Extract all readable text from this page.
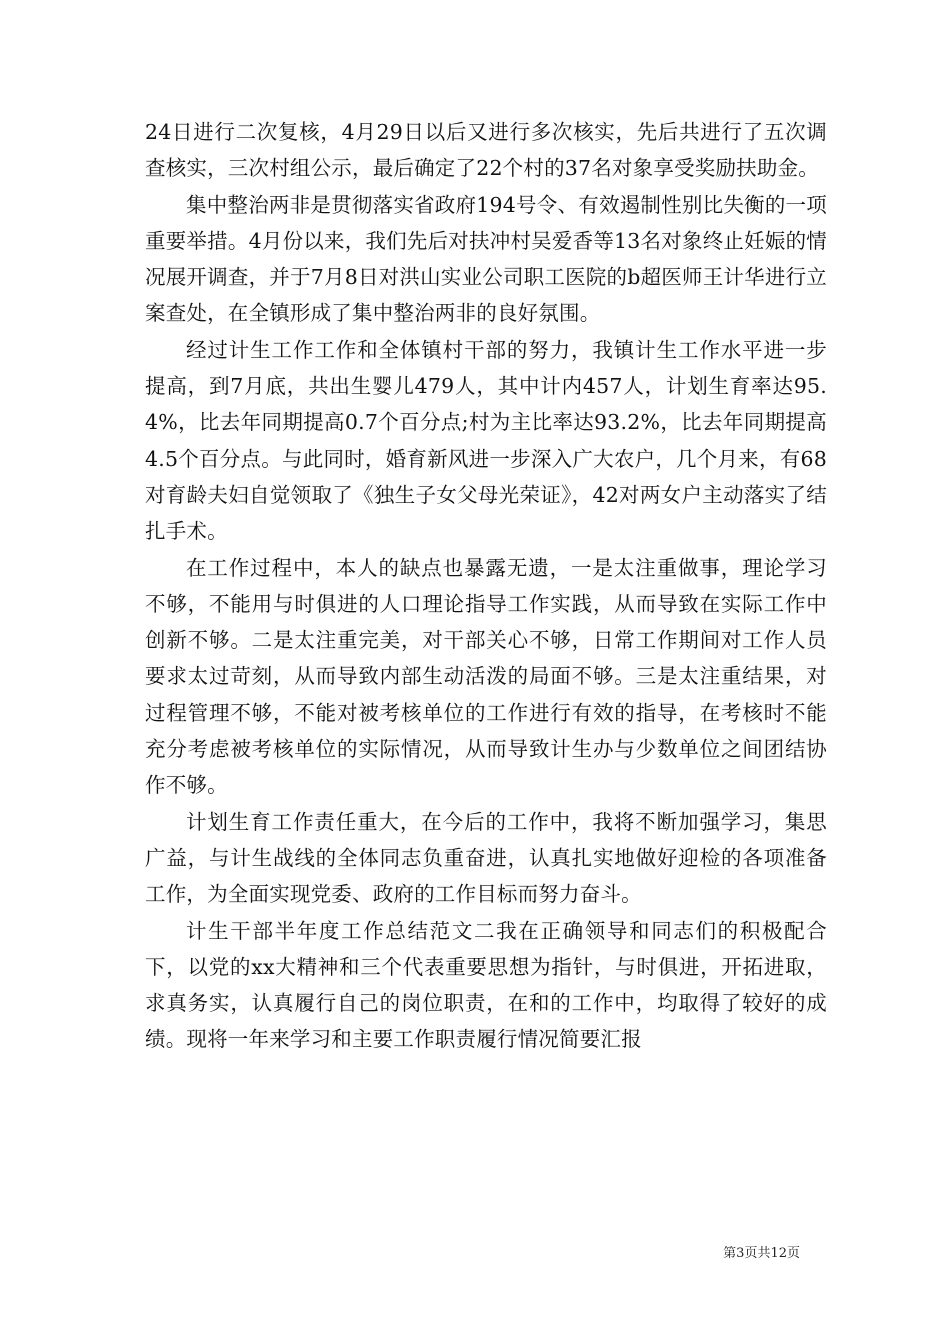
24日进行二次复核，4月29日以后又进行多次核实，先后共进行了五次调查核实，三次村组公示，最后确定了22个村的37名对象享受奖励扶助金。

集中整治两非是贯彻落实省政府194号令、有效遏制性别比失衡的一项重要举措。4月份以来，我们先后对扶冲村吴爱香等13名对象终止妊娠的情况展开调查，并于7月8日对洪山实业公司职工医院的b超医师王计华进行立案查处，在全镇形成了集中整治两非的良好氛围。

经过计生工作工作和全体镇村干部的努力，我镇计生工作水平进一步提高，到7月底，共出生婴儿479人，其中计内457人，计划生育率达95.4%，比去年同期提高0.7个百分点;村为主比率达93.2%，比去年同期提高4.5个百分点。与此同时，婚育新风进一步深入广大农户，几个月来，有68对育龄夫妇自觉领取了《独生子女父母光荣证》，42对两女户主动落实了结扎手术。

在工作过程中，本人的缺点也暴露无遗，一是太注重做事，理论学习不够，不能用与时俱进的人口理论指导工作实践，从而导致在实际工作中创新不够。二是太注重完美，对干部关心不够，日常工作期间对工作人员要求太过苛刻，从而导致内部生动活泼的局面不够。三是太注重结果，对过程管理不够，不能对被考核单位的工作进行有效的指导，在考核时不能充分考虑被考核单位的实际情况，从而导致计生办与少数单位之间团结协作不够。

计划生育工作责任重大，在今后的工作中，我将不断加强学习，集思广益，与计生战线的全体同志负重奋进，认真扎实地做好迎检的各项准备工作，为全面实现党委、政府的工作目标而努力奋斗。

计生干部半年度工作总结范文二我在正确领导和同志们的积极配合下，以党的xx大精神和三个代表重要思想为指针，与时俱进，开拓进取，求真务实，认真履行自己的岗位职责，在和的工作中，均取得了较好的成绩。现将一年来学习和主要工作职责履行情况简要汇报

第3页共12页
